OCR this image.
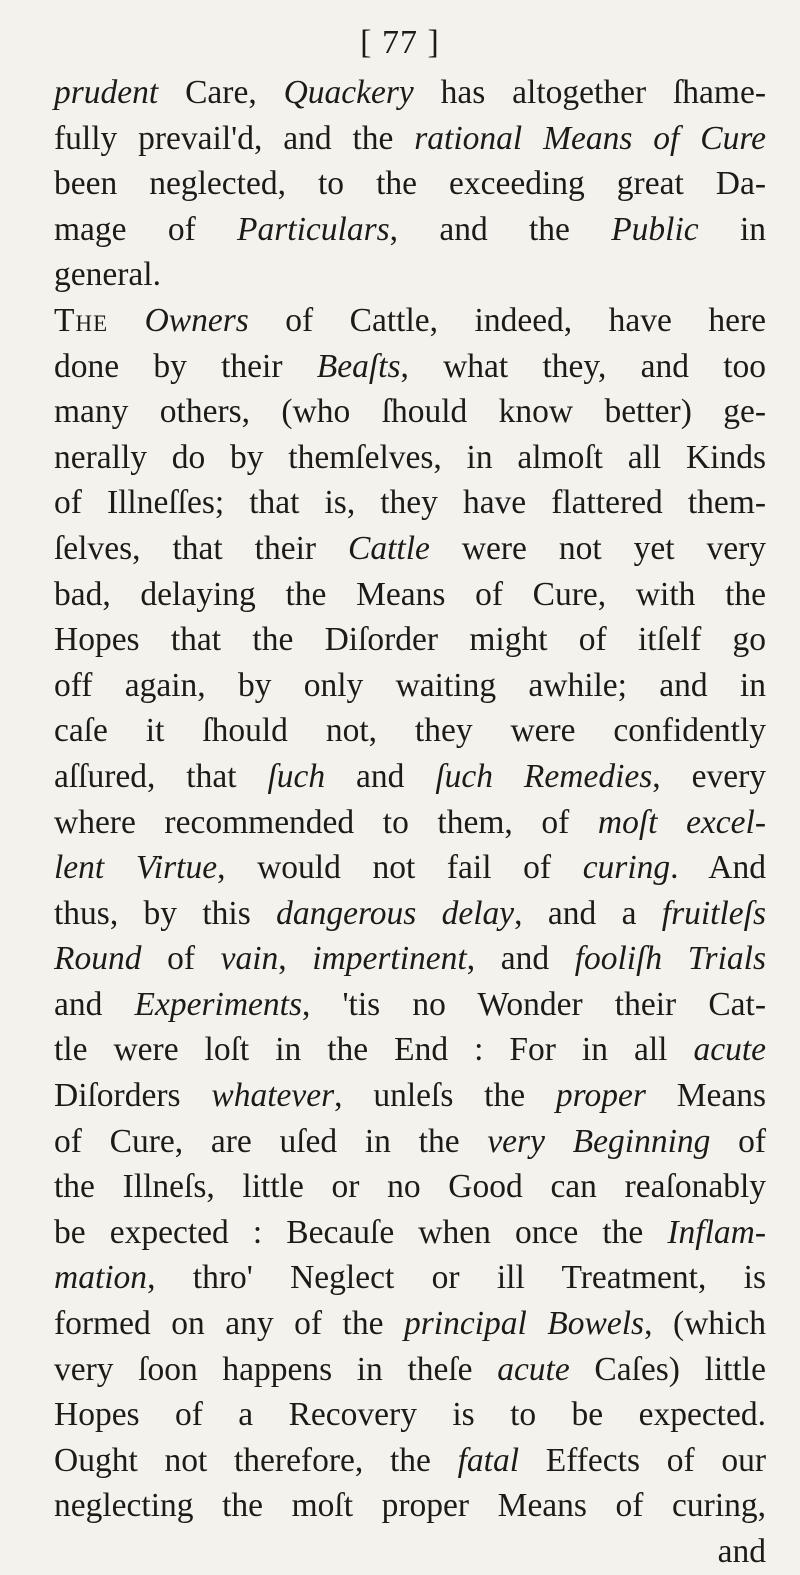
[ 77 ]
prudent Care, Quackery has altogether ſhame-
fully prevail'd, and the rational Means of Cure
been neglected, to the exceeding great Da-
mage of Particulars, and the Public in
general.
The Owners of Cattle, indeed, have here
done by their Beaſts, what they, and too
many others, (who ſhould know better) ge-
nerally do by themſelves, in almoſt all Kinds
of Illneſſes; that is, they have flattered them-
ſelves, that their Cattle were not yet very
bad, delaying the Means of Cure, with the
Hopes that the Diſorder might of itſelf go
off again, by only waiting awhile; and in
caſe it ſhould not, they were confidently
aſſured, that ſuch and ſuch Remedies, every
where recommended to them, of moſt excel-
lent Virtue, would not fail of curing. And
thus, by this dangerous delay, and a fruitleſs
Round of vain, impertinent, and fooliſh Trials
and Experiments, 'tis no Wonder their Cat-
tle were loſt in the End : For in all acute
Diſorders whatever, unleſs the proper Means
of Cure, are uſed in the very Beginning of
the Illneſs, little or no Good can reaſonably
be expected : Becauſe when once the Inflam-
mation, thro' Neglect or ill Treatment, is
formed on any of the principal Bowels, (which
very ſoon happens in theſe acute Caſes) little
Hopes of a Recovery is to be expected.
Ought not therefore, the fatal Effects of our
neglecting the moſt proper Means of curing,
and
